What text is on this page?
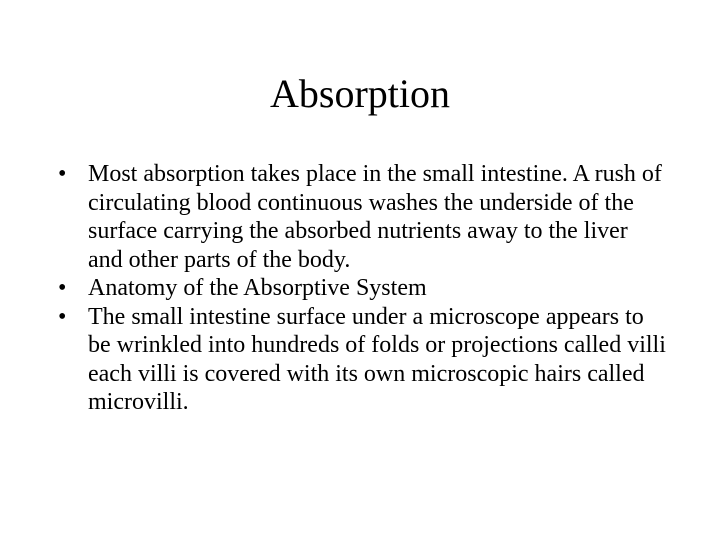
Absorption
• Most absorption takes place in the small intestine. A rush of circulating blood continuous washes the underside of the surface carrying the absorbed nutrients away to the liver and other parts of the body.
• Anatomy of the Absorptive System
• The small intestine surface under a microscope appears to be wrinkled into hundreds of folds or projections called villi each villi is covered with its own microscopic hairs called microvilli.
